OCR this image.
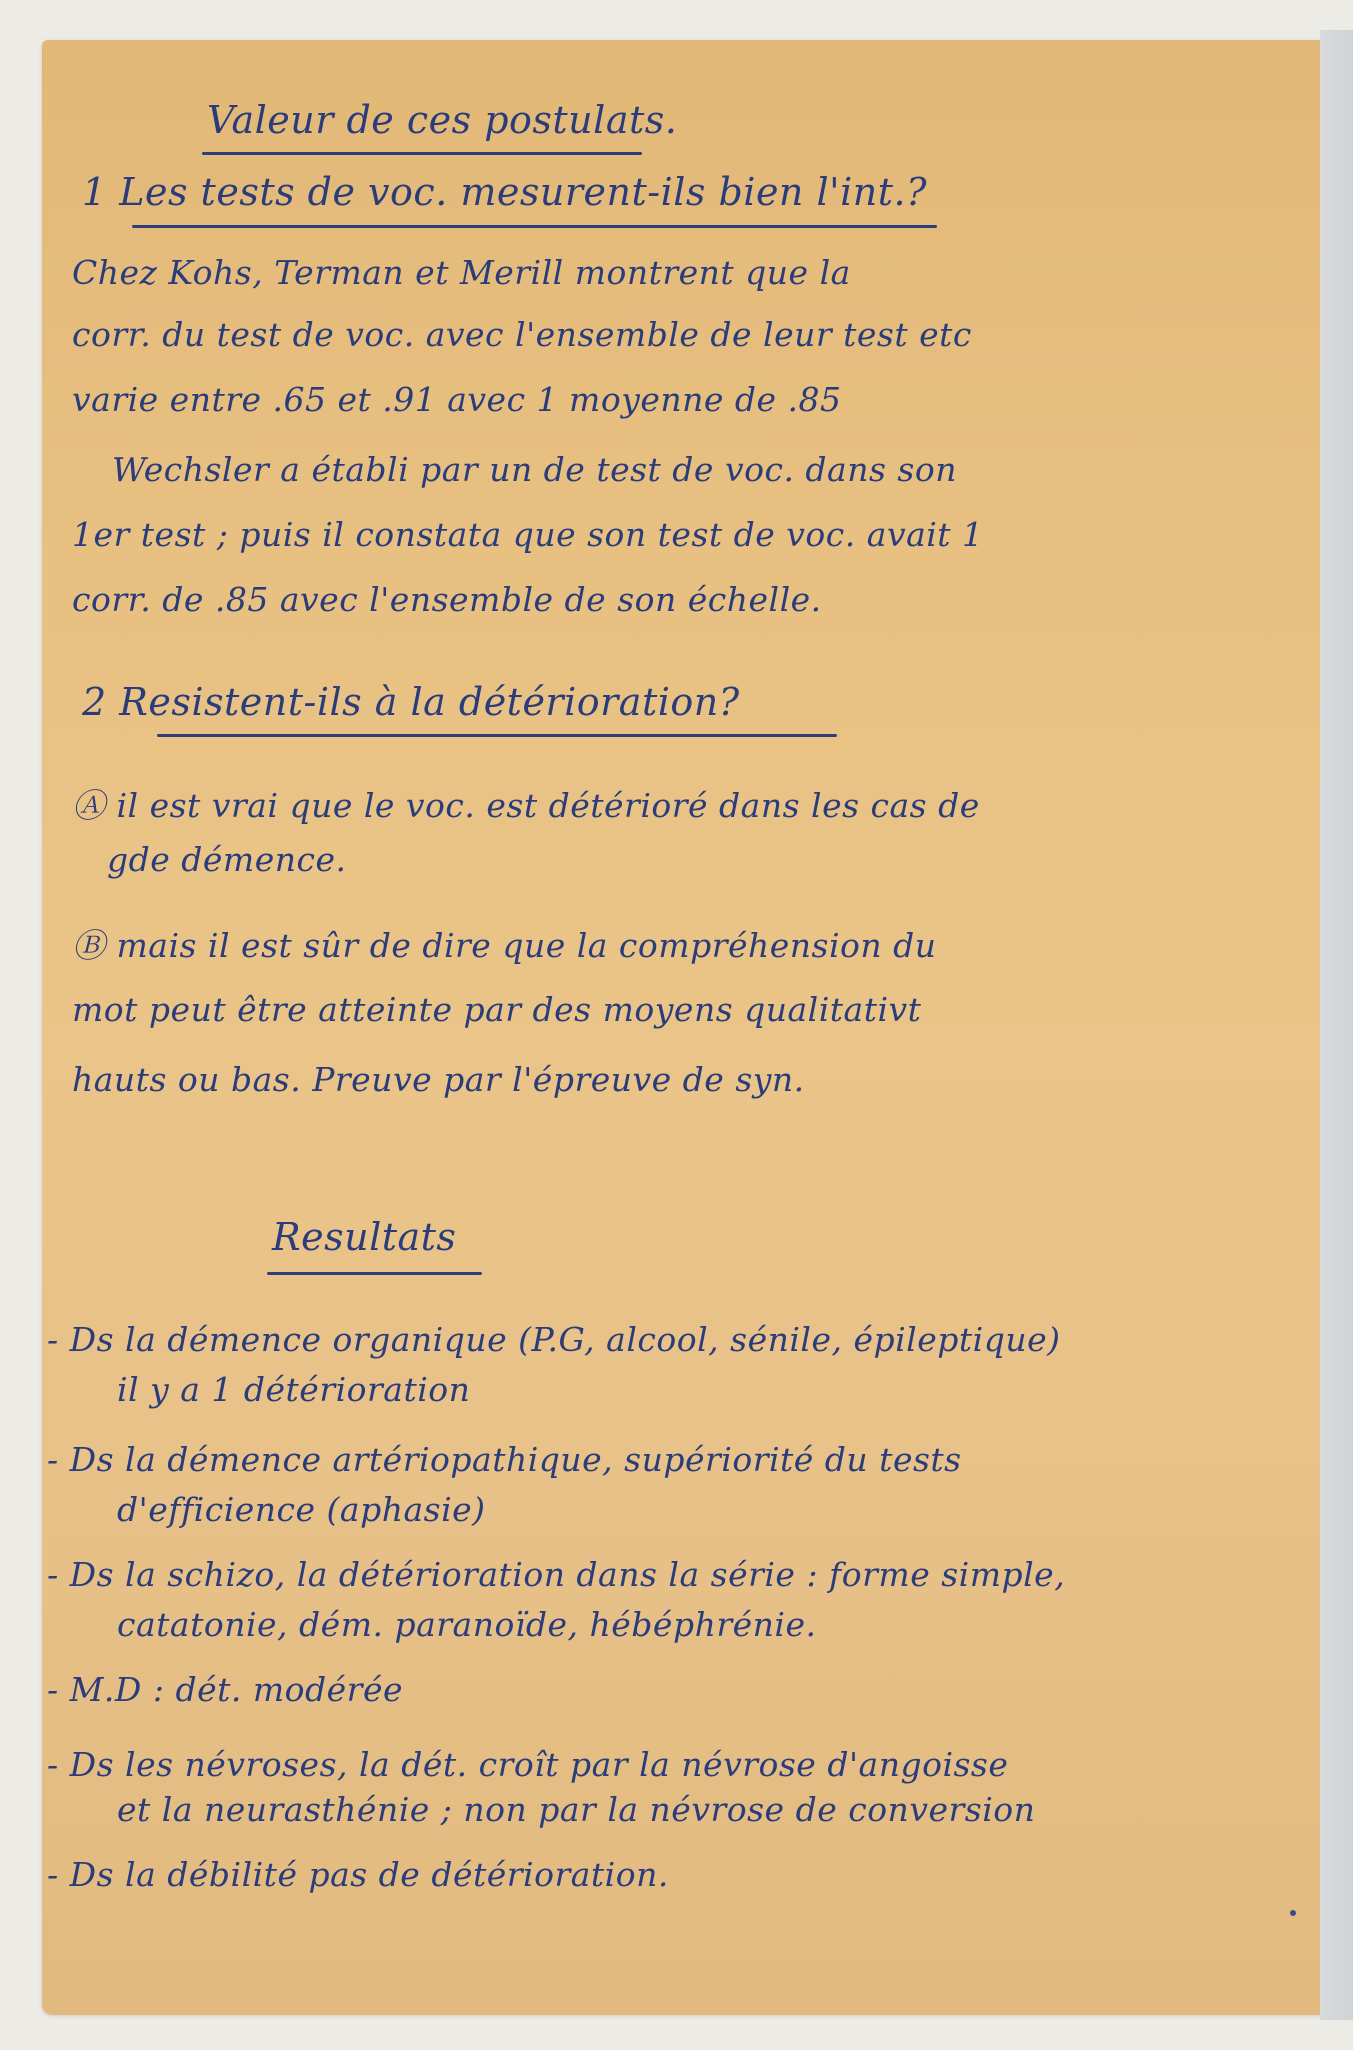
Valeur de ces postulats.
1 Les tests de voc. mesurent-ils bien l'int.?
Chez Kohs, Terman et Merill montrent que la
corr. du test de voc. avec l'ensemble de leur test etc
varie entre .65 et .91 avec 1 moyenne de .85
Wechsler a établi par un de test de voc. dans son
1er test ; puis il constata que son test de voc. avait 1
corr. de .85 avec l'ensemble de son échelle.
2 Resistent-ils à la détérioration?
Ⓐ il est vrai que le voc. est détérioré dans les cas de
gde démence.
Ⓑ mais il est sûr de dire que la compréhension du
mot peut être atteinte par des moyens qualitativt
hauts ou bas. Preuve par l'épreuve de syn.
Resultats
- Ds la démence organique (P.G, alcool, sénile, épileptique)
il y a 1 détérioration
- Ds la démence artériopathique, supériorité du tests
d'efficience (aphasie)
- Ds la schizo, la détérioration dans la série : forme simple,
catatonie, dém. paranoïde, hébéphrénie.
- M.D : dét. modérée
- Ds les névroses, la dét. croît par la névrose d'angoisse
et la neurasthénie ; non par la névrose de conversion
- Ds la débilité pas de détérioration.
